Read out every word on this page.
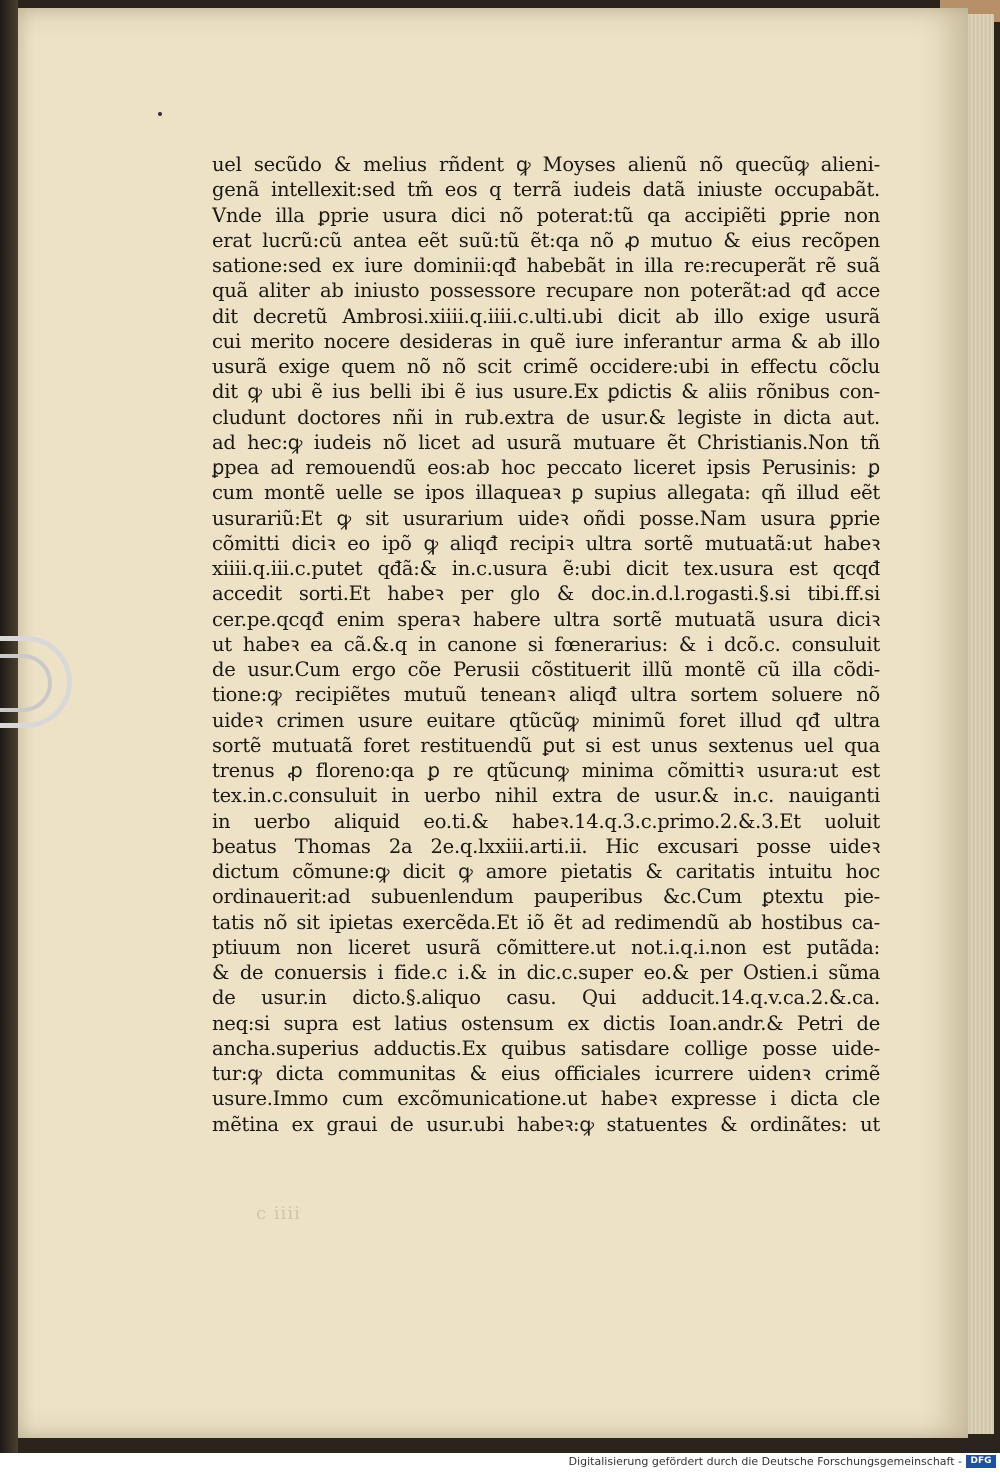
uel secũdo & melius rñdent ꝙ Moyses alienũ nõ quecũꝙ alieni-
genã intellexit:sed tm̃ eos q terrã iudeis datã iniuste occupabãt.
Vnde illa ꝑprie usura dici nõ poterat:tũ qa accipiẽti ꝑprie non
erat lucrũ:cũ antea eẽt suũ:tũ ẽt:qa nõ ꝓ mutuo & eius recõpen
satione:sed ex iure dominii:qđ habebãt in illa re:recuperãt rẽ suã
quã aliter ab iniusto possessore recupare non poterãt:ad qđ acce
dit decretũ Ambrosi.xiiii.q.iiii.c.ulti.ubi dicit ab illo exige usurã
cui merito nocere desideras in quẽ iure inferantur arma & ab illo
usurã exige quem nõ nõ scit crimẽ occidere:ubi in effectu cõclu
dit ꝙ ubi ẽ ius belli ibi ẽ ius usure.Ex ꝑdictis & aliis rõnibus con-
cludunt doctores nñi in rub.extra de usur.& legiste in dicta aut.
ad hec:ꝙ iudeis nõ licet ad usurã mutuare ẽt Christianis.Non tñ
ꝑpea ad remouendũ eos:ab hoc peccato liceret ipsis Perusinis: ꝑ
cum montẽ uelle se ipos illaqueaꝛ ꝑ supius allegata: qñ illud eẽt
usurariũ:Et ꝙ sit usurarium uideꝛ oñdi posse.Nam usura ꝑprie
cõmitti diciꝛ eo ipõ ꝙ aliqđ recipiꝛ ultra sortẽ mutuatã:ut habeꝛ
xiiii.q.iii.c.putet qđã:& in.c.usura ẽ:ubi dicit tex.usura est qcqđ
accedit sorti.Et habeꝛ per glo & doc.in.d.l.rogasti.§.si tibi.ff.si
cer.pe.qcqđ enim speraꝛ habere ultra sortẽ mutuatã usura diciꝛ
ut habeꝛ ea cã.&.q in canone si fœnerarius: & i dcõ.c. consuluit
de usur.Cum ergo cõe Perusii cõstituerit illũ montẽ cũ illa cõdi-
tione:ꝙ recipiẽtes mutuũ teneanꝛ aliqđ ultra sortem soluere nõ
uideꝛ crimen usure euitare qtũcũꝙ minimũ foret illud qđ ultra
sortẽ mutuatã foret restituendũ ꝑut si est unus sextenus uel qua
trenus ꝓ floreno:qa ꝑ re qtũcunꝙ minima cõmittiꝛ usura:ut est
tex.in.c.consuluit in uerbo nihil extra de usur.& in.c. nauiganti
in uerbo aliquid eo.ti.& habeꝛ.14.q.3.c.primo.2.&.3.Et uoluit
beatus Thomas 2a 2e.q.lxxiii.arti.ii. Hic excusari posse uideꝛ
dictum cõmune:ꝙ dicit ꝙ amore pietatis & caritatis intuitu hoc
ordinauerit:ad subuenlendum pauperibus &c.Cum ꝑtextu pie-
tatis nõ sit ipietas exercẽda.Et iõ ẽt ad redimendũ ab hostibus ca-
ptiuum non liceret usurã cõmittere.ut not.i.q.i.non est putãda:
& de conuersis i fide.c i.& in dic.c.super eo.& per Ostien.i sũma
de usur.in dicto.§.aliquo casu. Qui adducit.14.q.v.ca.2.&.ca.
neq:si supra est latius ostensum ex dictis Ioan.andr.& Petri de
ancha.superius adductis.Ex quibus satisdare collige posse uide-
tur:ꝙ dicta communitas & eius officiales icurrere uidenꝛ crimẽ
usure.Immo cum excõmunicatione.ut habeꝛ expresse i dicta cle
mẽtina ex graui de usur.ubi habeꝛ:ꝙ statuentes & ordinãtes: ut
c iiii
Digitalisierung gefördert durch die Deutsche Forschungsgemeinschaft - DFG
